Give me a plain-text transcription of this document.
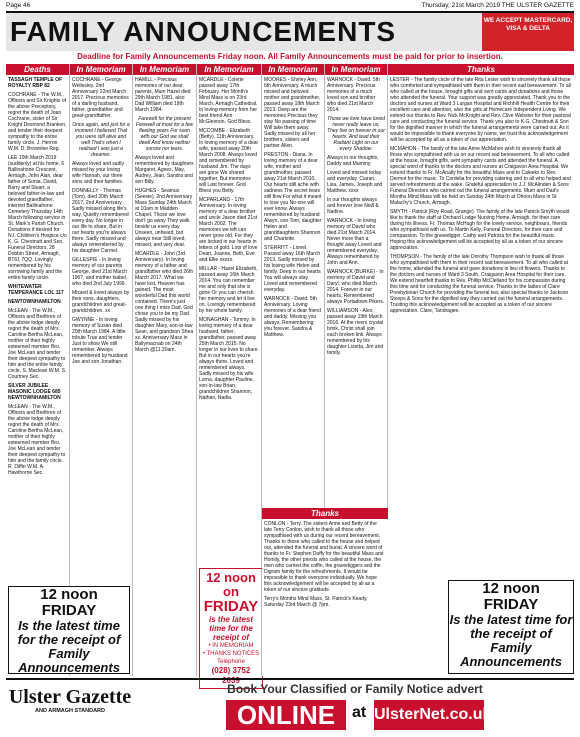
Page 46	Thursday, 21st March 2019 THE ULSTER GAZETTE
FAMILY ANNOUNCEMENTS	WE ACCEPT MASTERCARD, VISA & DELTA
Deadline for Family Announcements Friday noon. All Family Announcements must be paid for prior to insertion.
Deaths

TASSAGH TEMPLE OF ROYALTY RBP 82

COCHRANE - The W.M., Officers and Sir Knights of the above Preceptory, regret the death of Joan Cochrane, sister of Sir Knight Desmond Branken, and tender their deepest sympathy to the entire family circle. J. Herron W.M. D. Brownlee Reg.

LEE 10th March 2019 (suddenly) at his home, 6 Ballinahone Crescent, Armagh, John Alan, dear father of Sonia, David, Barry and Stuart, a beloved father-in-law and devoted grandfather, interred Ballinahone Cemetery Thursday 14th March following service in St. Mark's Parish Church. Donations if desired for N.I. Children's Hospice c/o K. G. Chestnutt and Son, Funeral Directors, 28 Dobbin Street, Armagh, BT61 7QQ. Lovingly remembered by his sorrowing family and the entire family circle.

WHITEWATER TEMPERANCE LOL 117

NEWTOWNHAMILTON

McLEAN - The W.M., Officers and Brethren of the above lodge deeply regret the death of Mrs. Caroline Bertha McLean, mother of their highly esteemed member Bro. Joe McLean and tender their deepest sympathy to him and the entire family circle. S. Maclean W.M. S. Courtney Sec.

SILVER JUBILEE MASONIC LODGE 685 NEWTOWNHAMILTON

McLEAN - The W.M., Officers and Brethren of the above lodge deeply regret the death of Mrs. Caroline Bertha McLean, mother of their highly esteemed member Bro. Joe McLean and tender their deepest sympathy to him and the family circle. R. Diffin W.M. A. Hawthorne Sec.

In Memoriam

COCHRANE - George Wellesley. 2nd Anniversary 22nd March 2017. Precious memories of a darling husband, father, grandfather and great-grandfather.

Once again, and just for a moment I believed That you were still alive and well That's when I realised I was just a dreamer.

Always loved and sadly missed by your loving wife Hannah, our three sons and their families.

DONNELLY - Thomas (Tom), died 20th March 2017, 2nd Anniversary. Sadly missed along life's way, Quietly remembered every day. No longer in our life to share, But in our hearts you're always there. Sadly missed and always remembered by his daughter Carmel.

GILLESPIE - In loving memory of our parents George, died 21st March 1967, and mother Isabel, who died 2nd July 1999.

Missed & loved always by their sons, daughters, grandchildren and great-grandchildren. xx

GWYNNE - In loving memory of Susan died 20th March 1984. A little tribute True and tender Just to show We still remember. Always remembered by husband Joe and son Jonathan.

In Memoriam

HAMILL - Precious memories of our dear parents, Mum Hazel died 29th March 1981, also Dad William died 19th March 1984.

Farewell for the present Farewell at most for a few fleeting years For soon with our God we shall dwell And know neither sorrow nor tears.

Always loved and remembered by daughters Margaret, Agnes, May, Audrey, Jean, Sandra and son Billy.

HUGHES - Seamus (Seesie). 2nd Anniversary Mass Sunday 24th March at 10am in Madden Chapel. Those we love don't go away They walk beside us every day Unseen, unheard, but always near Still loved, missed, and very dear.

MCARDLE - John (3rd Anniversary). In loving memory of a father and grandfather who died 26th March 2017. What we have lost, Heaven has gained. The most wonderful Dad this world contained. There's just one thing I miss Dad. God chose you to be my Dad. Sadly missed by his daughter Mary, son-in-law Sean, and grandson Shea xx. Anniversary Mass in Ballymacnab on 24th March @11.30am.

In Memoriam

MCARDLE - Colette passed away 17th February. Her Month's Mind Mass is on 23rd March, Armagh Cathedral. In loving memory from her best friend Ann McGleenon. God Bless.

MCCOMBE - Elizabeth (Betty), 11th Anniversary. In loving memory of a dear wife, passed away 20th March 2008. Always loved and remembered by husband Jim. The days are gone We shared together, But memories will Last forever. God Bless you Betty.

MCPARLAND - 17th Anniversary. In loving memory of a dear brother and uncle Jason died 21st March 2002. The memories we left can never grow old. For they are locked in our hearts in letters of gold. Lots of love Dean, Joanne, Beth, Eve and Ellie xxxxx.

MILLAR - Hazel Elizabeth, passed away 16th March 2014. You can remember me and only that she is gone Or you can cherish her memory and let it live on. Lovingly remembered by her whole family.

MONAGHAN - Tommy. In loving memory of a dear husband, father, grandfather, passed away 25th March 2015. No longer in our lives to share But in our hearts you're always there. Loved and remembered always. Sadly missed by his wife Lorna, daughter Pauline, son-in-law Brian, grandchildren Shannon, Nathan, Nadia.

In Memoriam

MOORES - Shirley Ann, 6th Anniversary. A much missed and beloved mother and grandmother, passed away 19th March 2013. Deep are the memories Precious they stay No passing of time Will take them away. Sadly missed by all her brothers, sisters and partner Allen.

PRESTON - Diana. In loving memory of a dear wife, mother and grandmother, passed away 21st March 2010. Our hearts still ache with sadness The secret tears still flow For what it meant to lose you No-one will ever know. Always remembered by husband Alwyn, son Tom, daughter Helen and granddaughters Shannon and Charlotte.

STERRITT - Lionel. Passed away 16th March 2013. Sadly missed by his loving wife Helen and family. Deep in our hearts You will always stay Loved and remembered everyday.

WARNOCK - David. 5th Anniversary. Loving memories of a dear friend and daddy. Missing you always. Remembering you forever. Sandra & Matthew.

In Memoriam

WARNOCK - David. 5th Anniversary. Precious memories of a much loved son and brother who died 21st March 2014.

Those we love have loved never really leave us, They live on forever in our hearts. And lead their Radiant Light on our every Shadow.

Always in our thoughts, Daddy and Mummy.

Loved and missed today and everyday. Ciaran, Lisa, James, Joseph and Matthew. xxxx

In our thoughts always and forever love Niall & Nadine.

WARNOCK - In loving memory of David who died 21st March 2014. Never more than a thought away Loved and remembered everyday. Always remembered by John and Ann.

WARNOCK (BURKE) - In memory of David and Daryl, who died March 2014. Forever in our hearts. Remembered always Portadown Pikers.

WILLIAMSON - Alex, passed away 19th March 2016. At the rivers crystal brink, Christ shall join each broken link. Always remembered by his daughter Lizetta, Jim and family.

Thanks

LESTER - The family circle of the late Rita Lester wish to sincerely thank all those who comforted and sympathised with them in their recent sad bereavement. To all who called at the house, brought gifts and sent cards and donations and those who attended the funeral. Your support was greatly appreciated. Thank you to the doctors and nurses at Ward 3 Lurgan Hospital and Richhill Health Centre for their excellent care and attention, also the girls at Homecare Independent Living. We extend our thanks to Rev. Nick McKnight and Rev. Clive Webster for their pastoral care and conducting the funeral service. Thank you also to K.G. Chestnutt & Son for the dignified manner in which the funeral arrangements were carried out. As it would be impossible to thank everyone by name, we trust this acknowledgement will be accepted by all as a token of our appreciation.

MCMAHON - The family of the late Anne McMahon wish to sincerely thank all those who sympathised with us on our recent sad bereavement. To all who called at the house, brought gifts, sent sympathy cards and attended the funeral. A special word of thanks to the doctors and nurses at Craigavon Area Hospital. We extend thanks to Fr. McAnally for the beautiful Mass and to Caleeks to Rev. Dermot for the music. To Cordelia for providing catering and to all who helped and served refreshments at the wake. Grateful appreciation to J.J. McAlinden & Sons Funeral Directors who carried out the funeral arrangements. Mum and Dad's Months Mind Mass will be held on Sunday 24th March at Ohoon Mass in St Malachy's Church, Armagh.

SMYTH - Patrick (Roy Road, Grange). The family of the late Patrick Smyth would like to thank the staff at Orchard Lodge Nursing Home, Armagh, for their care during his illness. Fr. Thomas McHugh for the lovely service, neighbours, friends who sympathised with us. To Martin Kelly, Funeral Directors, for their care and compassion. To the gravedigger, Cathy and Patricia for the beautiful music. Hoping this acknowledgement will be accepted by all as a token of our sincere appreciation.

THOMPSON - The family of the late Dorothy Thompson wish to thank all those who sympathised with them in their recent sad bereavement. To all who called at the home, attended the funeral and gave donations in lieu of flowers. Thanks to the doctors and nurses of Ward 3 South, Craigavon Area Hospital for their care. We extend heartfelt thanks to Rev. Phillip McClelland for his compassion during this time and for conducting the funeral service. Thanks to the ladies of Clare Presbyterian Church for providing the funeral tea; also special thanks to Jackson Stoops & Sons for the dignified way they carried out the funeral arrangements. Trusting this acknowledgement will be accepted as a token of our sincere appreciation. Clare, Tandragee.

12 noon on
FRIDAY
is the latest time for the receipt of
• IN MEMORIAM
• THANKS NOTICES
Telephone
(028) 3752 2639
Thanks

CONLON - Terry. The sisters Anne and Betty of the late Terry Conlon, wish to thank all those who sympathised with us during our recent bereavement. Thanks to those who called to the house and helped out, attended the funeral and burial. A sincere word of thanks to Fr. Stephen Duffy for the beautiful Mass and Homily, the other priests who called at the house, the men who carried the coffin, the gravediggers and the Digram family for the refreshments. It would be impossible to thank everyone individually. We hope this acknowledgement will be accepted by all as a token of our sincere gratitude.

Terry's Months Mind Mass, St. Patrick's Keady, Saturday 23rd March @ 7pm.

12 noon
FRIDAY
Is the latest time for the receipt of Family Announcements
12 noon
FRIDAY
Is the latest time for the receipt of Family Announcements
Book Your Classified or Family Notice advert
Ulster Gazette
AND ARMAGH STANDARD	ONLINE	at UlsterNet.co.uk
